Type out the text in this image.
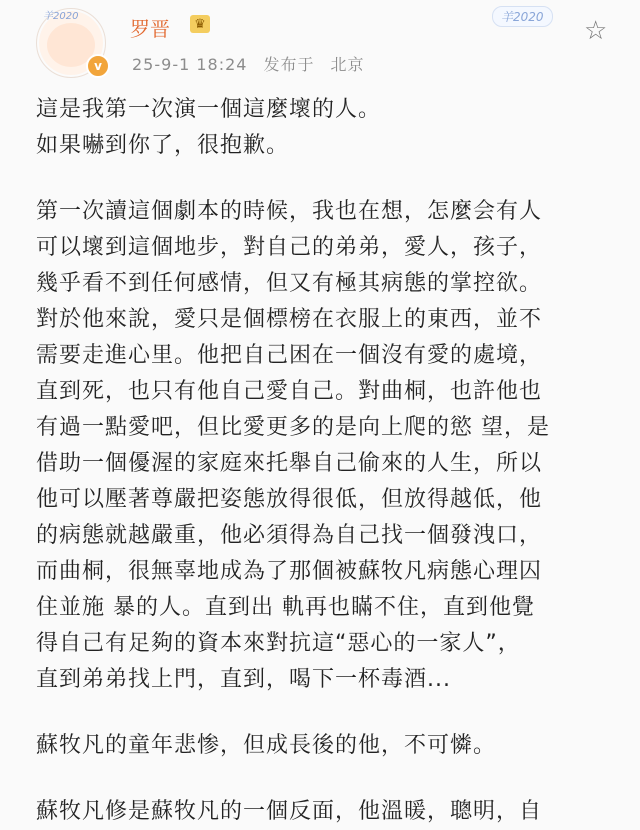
羊2020
v
罗晋	♛
25-9-1 18:24 发布于 北京
羊2020	☆
這是我第一次演一個這麼壞的人。
如果嚇到你了，很抱歉。
第一次讀這個劇本的時候，我也在想，怎麼会有人
可以壞到這個地步，對自己的弟弟，愛人，孩子，
幾乎看不到任何感情，但又有極其病態的掌控欲。
對於他來說，愛只是個標榜在衣服上的東西，並不
需要走進心里。他把自己困在一個沒有愛的處境，
直到死，也只有他自己愛自己。對曲桐，也許他也
有過一點愛吧，但比愛更多的是向上爬的慾 望，是
借助一個優渥的家庭來托舉自己偷來的人生，所以
他可以壓著尊嚴把姿態放得很低，但放得越低，他
的病態就越嚴重，他必須得為自己找一個發洩口，
而曲桐，很無辜地成為了那個被蘇牧凡病態心理囚
住並施 暴的人。直到出 軌再也瞞不住，直到他覺
得自己有足夠的資本來對抗這“惡心的一家人”，
直到弟弟找上門，直到，喝下一杯毒酒...
蘇牧凡的童年悲惨，但成長後的他，不可憐。
蘇牧凡修是蘇牧凡的一個反面，他溫暖，聰明，自
